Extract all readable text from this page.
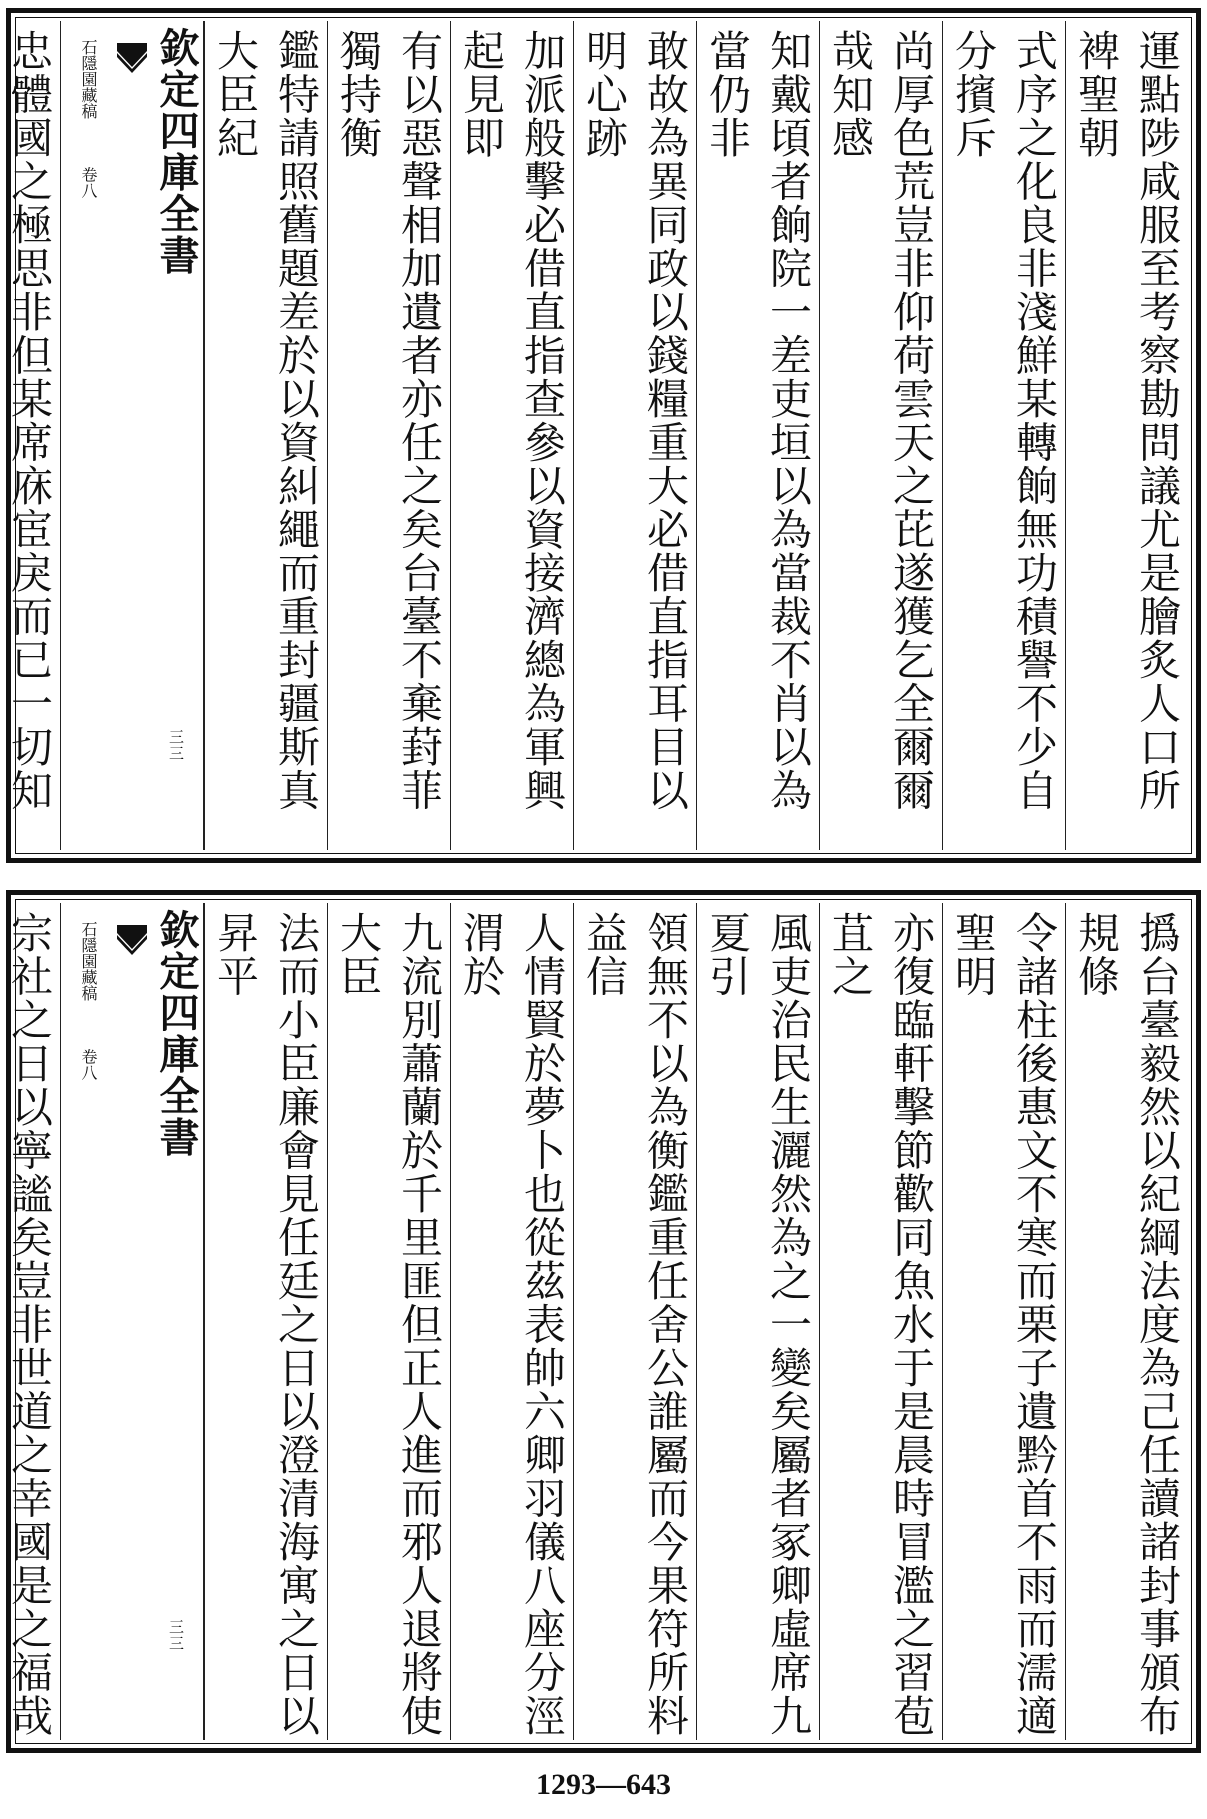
運點陟咸服至考察勘問議尤是膾炙人口所裨聖朝
式序之化良非淺鮮某轉餉無功積譽不少自分擯斥
尚厚色荒豈非仰荷雲天之芘遂獲乞全爾爾哉知感
知戴頃者餉院一差吏垣以為當裁不肖以為當仍非
敢故為異同政以錢糧重大必借直指耳目以明心跡
加派般擊必借直指查參以資接濟總為軍興起見即
有以惡聲相加遺者亦任之矣台臺不棄葑菲獨持衡
鑑特請照舊題差於以資糾繩而重封疆斯真大臣紀
欽定四庫全書
石隱園藏稿 卷八
三三
忠體國之極思非但某席庥宦戾而已一切知
撝台臺毅然以紀綱法度為己任讀諸封事頒布規條
令諸柱後惠文不寒而栗子遺黔首不雨而濡適聖明
亦復臨軒擊節歡同魚水于是晨時冒濫之習苞苴之
風吏治民生灑然為之一變矣屬者冢卿虛席九夏引
領無不以為衡鑑重任舍公誰屬而今果符所料益信
人情賢於夢卜也從茲表帥六卿羽儀八座分涇渭於
九流別蕭蘭於千里匪但正人進而邪人退將使大臣
法而小臣廉會見任廷之日以澄清海寓之日以昇平
欽定四庫全書
石隱園藏稿 卷八
三三
宗社之日以寧謐矣豈非世道之幸國是之福哉
1293—643
